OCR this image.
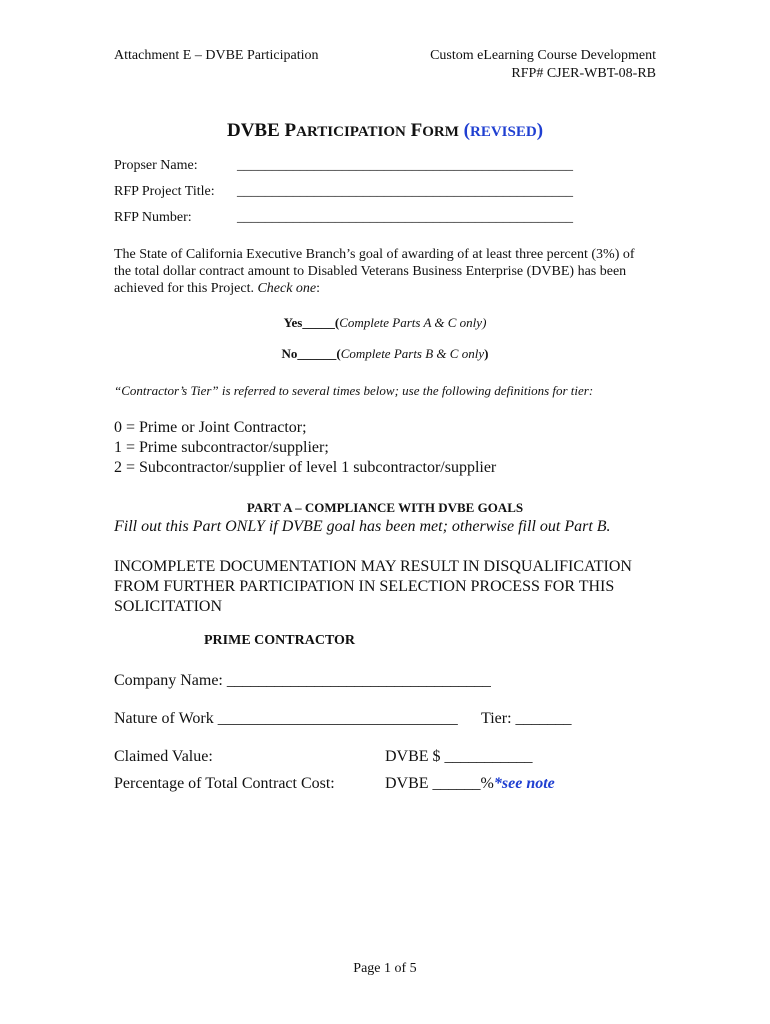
Attachment E – DVBE Participation	Custom eLearning Course Development
RFP# CJER-WBT-08-RB
DVBE PARTICIPATION FORM (REVISED)
Propser Name:	________________________________________________
RFP Project Title: ________________________________________________
RFP Number:	________________________________________________
The State of California Executive Branch’s goal of awarding of at least three percent (3%) of the total dollar contract amount to Disabled Veterans Business Enterprise (DVBE) has been achieved for this Project. Check one:
Yes_____(Complete Parts A & C only)
No______(Complete Parts B & C only)
“Contractor’s Tier” is referred to several times below; use the following definitions for tier:
0 = Prime or Joint Contractor;
1 = Prime subcontractor/supplier;
2 = Subcontractor/supplier of level 1 subcontractor/supplier
PART A – COMPLIANCE WITH DVBE GOALS
Fill out this Part ONLY if DVBE goal has been met; otherwise fill out Part B.
INCOMPLETE DOCUMENTATION MAY RESULT IN DISQUALIFICATION
FROM FURTHER PARTICIPATION IN SELECTION PROCESS FOR THIS
SOLICITATION
PRIME CONTRACTOR
Company Name: _________________________________
Nature of Work ______________________________ Tier: _______
Claimed Value:	DVBE $ ___________
Percentage of Total Contract Cost:	DVBE ______%*see note
Page 1 of 5
